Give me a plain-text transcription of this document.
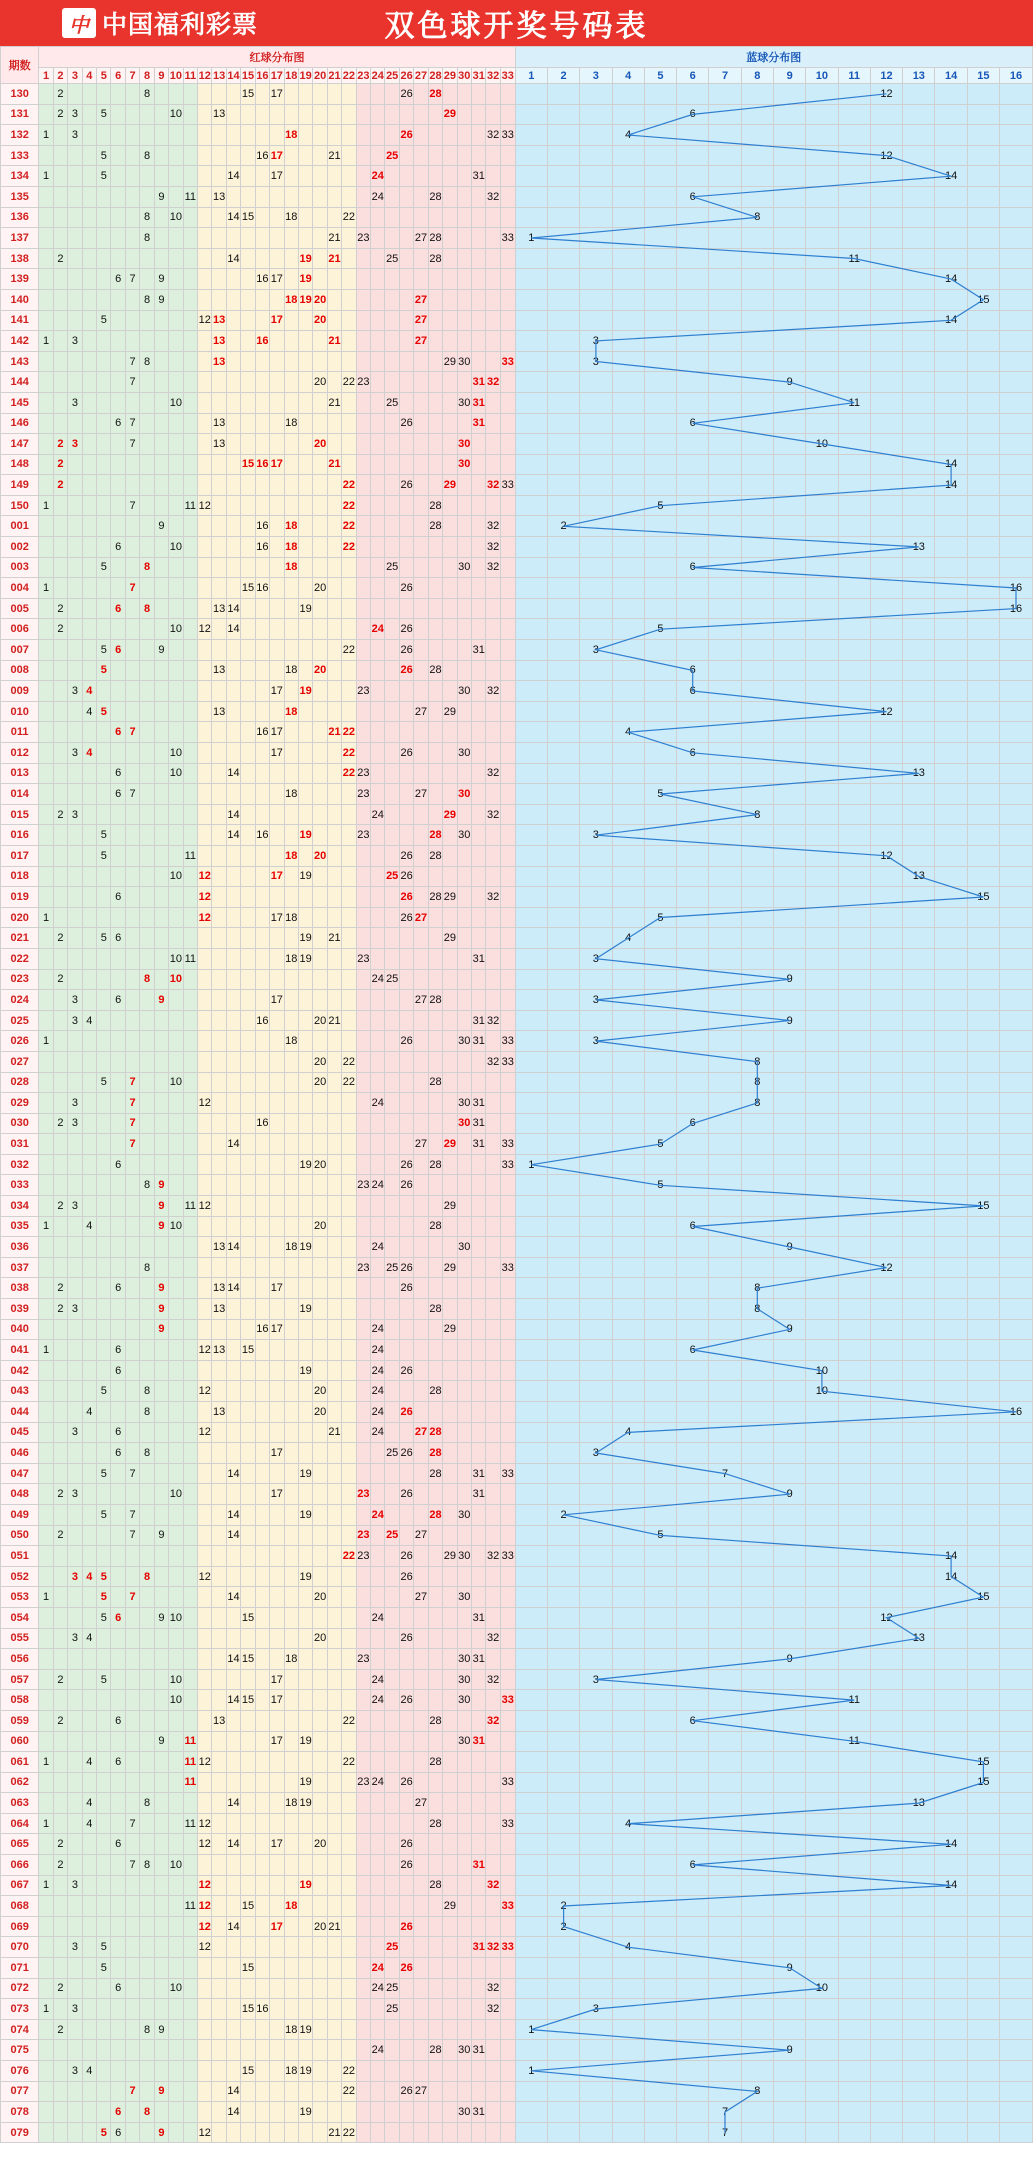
中 中国福利彩票	双色球开奖号码表
期数	红球分布图																																	蓝球分布图															
	1	2	3	4	5	6	7	8	9	10	11	12	13	14	15	16	17	18	19	20	21	22	23	24	25	26	27	28	29	30	31	32	33	1	2	3	4	5	6	7	8	9	10	11	12	13	14	15	16
130		2						8							15		17									26		28																	12				
131		2	3		5					10			13																29										6										
132	1		3															18								26						32	33				4												
133					5			8								16	17				21				25																				12				
134	1				5									14			17							24							31																14		
135									9		11		13											24				28				32							6										
136								8		10				14	15			18				22																			8								
137								8													21		23				27	28					33	1															
138		2												14					19		21				25			28																11					
139						6	7		9							16	17		19																												14		
140								8	9									18	19	20							27																					15	
141					5							12	13				17			20							27																				14		
142	1		3										13			16					21						27									3													
143							7	8					13																29	30			33			3													
144							7													20		22	23								31	32										9							
145			3							10											21				25					30	31													11					
146						6	7						13					18								26					31								6										
147		2	3				7						13							20										30													10						
148		2													15	16	17				21									30																	14		
149		2																				22				26			29			32	33														14		
150	1						7				11	12										22						28										5											
001									9							16		18				22						28				32			2														
002						6				10						16		18				22										32														13			
003					5			8										18							25					30		32							6										
004	1						7								15	16				20						26																							16
005		2				6		8					13	14					19																														16
006		2								10		12		14										24		26												5											
007					5	6			9													22				26					31					3													
008					5								13					18		20						26		28											6										
009			3	4													17		19				23							30		32							6										
010				4	5								13					18									27		29																12				
011						6	7									16	17				21	22															4												
012			3	4						10							17					22				26				30									6										
013						6				10				14								22	23									32														13			
014						6	7											18					23				27			30								5											
015		2	3											14										24					29			32									8								
016					5									14		16			19				23					28		30						3													
017					5						11							18		20						26		28																	12				
018										10		12					17		19						25	26																				13			
019						6						12														26		28	29			32																15	
020	1											12					17	18								26	27											5											
021		2			5	6													19		21								29								4												
022										10	11							18	19				23								31					3													
023		2						8		10														24	25																	9							
024			3			6			9								17										27	28								3													
025			3	4												16				20	21										31	32										9							
026	1																	18								26				30	31		33			3													
027																				20		22										32	33								8								
028					5		7			10										20		22						28													8								
029			3				7					12												24						30	31										8								
030		2	3				7									16														30	31								6										
031							7							14													27		29		31		33					5											
032						6													19	20						26		28					33	1															
033								8	9														23	24		26												5											
034		2	3						9		11	12																	29																			15	
035	1			4					9	10										20								28											6										
036													13	14				18	19					24						30												9							
037								8															23		25	26			29				33												12				
038		2				6			9				13	14			17									26															8								
039		2	3						9				13						19									28													8								
040									9							16	17							24					29													9							
041	1					6						12	13		15									24															6										
042						6													19					24		26																	10						
043					5			8				12								20				24				28															10						
044				4				8					13							20				24		26																							16
045			3			6						12									21			24			27	28									4												
046						6		8									17								25	26		28								3													
047					5		7							14					19									28			31		33							7									
048		2	3							10							17						23			26					31											9							
049					5		7							14					19					24				28		30					2														
050		2					7		9					14									23		25		27											5											
051																						22	23			26			29	30		32	33														14		
052			3	4	5			8				12							19							26																					14		
053	1				5		7							14						20							27			30																		15	
054					5	6			9	10					15									24							31														12				
055			3	4																20						26						32														13			
056														14	15			18					23							30	31											9							
057		2			5					10							17							24						30		32				3													
058										10				14	15		17							24		26				30			33											11					
059		2				6							13									22						28				32							6										
060									9		11						17		19											30	31													11					
061	1			4		6					11	12										22						28																				15	
062											11								19				23	24		26							33															15	
063				4				8						14				18	19								27																			13			
064	1			4			7				11	12																28					33				4												
065		2				6						12		14			17			20						26																					14		
066		2					7	8		10																26					31								6										
067	1		3									12							19									28				32															14		
068											11	12			15			18											29				33		2														
069												12		14			17			20	21					26									2														
070			3		5							12													25						31	32	33				4												
071					5										15									24		26																9							
072		2				6				10														24	25							32											10						
073	1		3												15	16									25							32				3													
074		2						8	9									18	19															1															
075																								24				28		30	31											9							
076			3	4											15			18	19			22												1															
077							7		9					14								22				26	27														8								
078						6		8						14					19											30	31									7									
079					5	6			9			12									21	22																		7									
